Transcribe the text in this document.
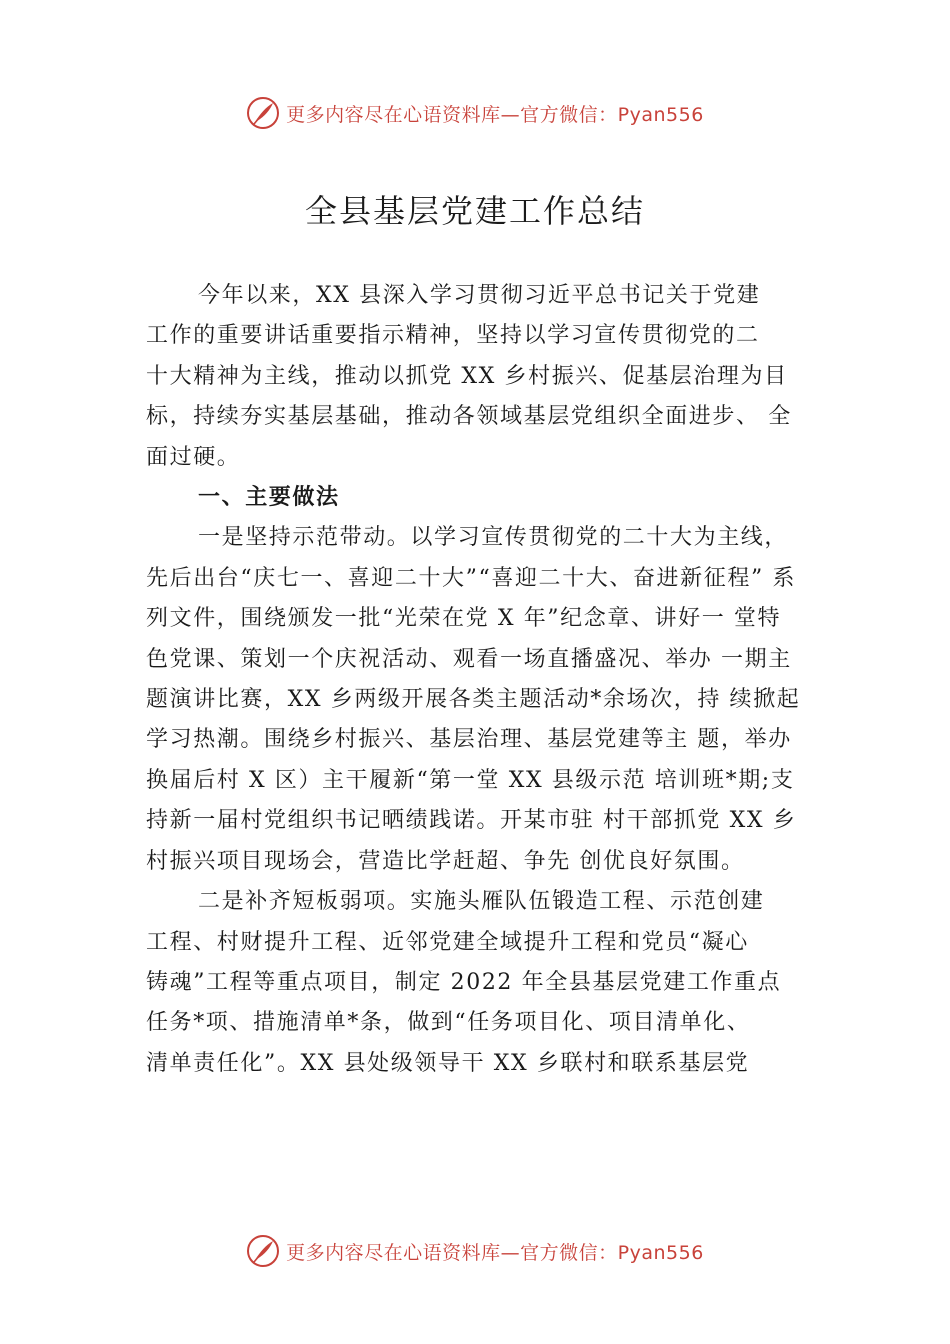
更多内容尽在心语资料库—官方微信：Pyan556
全县基层党建工作总结
今年以来，XX 县深入学习贯彻习近平总书记关于党建
工作的重要讲话重要指示精神，坚持以学习宣传贯彻党的二
十大精神为主线，推动以抓党 XX 乡村振兴、促基层治理为目
标，持续夯实基层基础，推动各领域基层党组织全面进步、 全
面过硬。
一、主要做法
一是坚持示范带动。以学习宣传贯彻党的二十大为主线，
先后出台“庆七一、喜迎二十大”“喜迎二十大、奋进新征程” 系
列文件，围绕颁发一批“光荣在党 X 年”纪念章、讲好一 堂特
色党课、策划一个庆祝活动、观看一场直播盛况、举办 一期主
题演讲比赛，XX 乡两级开展各类主题活动*余场次，持 续掀起
学习热潮。围绕乡村振兴、基层治理、基层党建等主 题，举办
换届后村 X 区）主干履新“第一堂 XX 县级示范 培训班*期;支
持新一届村党组织书记晒绩践诺。开某市驻 村干部抓党 XX 乡
村振兴项目现场会，营造比学赶超、争先 创优良好氛围。
二是补齐短板弱项。实施头雁队伍锻造工程、示范创建
工程、村财提升工程、近邻党建全域提升工程和党员“凝心
铸魂”工程等重点项目，制定 2022 年全县基层党建工作重点
任务*项、措施清单*条，做到“任务项目化、项目清单化、
清单责任化”。XX 县处级领导干 XX 乡联村和联系基层党
更多内容尽在心语资料库—官方微信：Pyan556
